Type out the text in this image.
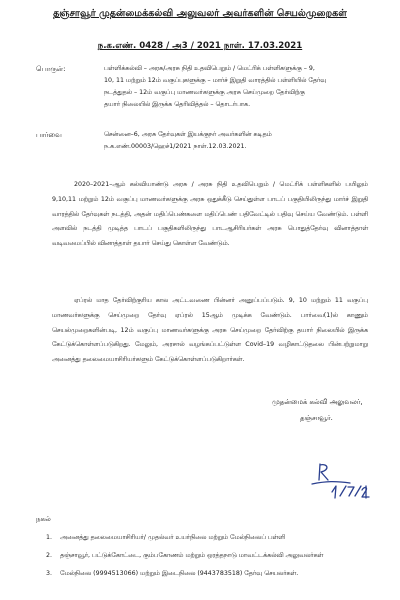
தஞ்சாவூர் முதன்மைக்கல்வி அலுவலர் அவர்களின் செயல்முறைகள்
ந.க.எண். 0428 / அ3 / 2021 நாள். 17.03.2021
பொருள்:	பள்ளிக்கல்வி – அரசு/அரசு நிதி உதவிபெறும் / மெட்ரிக் பள்ளிகளுக்கு – 9,
10, 11 மற்றும் 12ம் வகுப்புகளுக்கு – மார்ச் இறுதி வாரத்தில் பள்ளியில் தேர்வு
நடத்துதல் – 12ம் வகுப்பு மாணவர்களுக்கு அரசு செய்முறை தேர்விற்கு
தயார் நிலையில் இருக்க தெரிவித்தல் – தொடர்பாக.
பார்வை	சென்னை–6, அரசு தேர்வுகள் இயக்குநர் அவர்களின் கடிதம்
ந.க.எண்.00003/ஹெச்1/2021 நாள்.12.03.2021.
2020–2021–ஆம் கல்வியாண்டு அரசு / அரசு நிதி உதவிபெறும் / மெட்ரிக் பள்ளிகளில் பயிலும் 9,10,11 மற்றும் 12ம் வகுப்பு மாணவர்களுக்கு அரசு ஒதுக்கீடு செய்துள்ள பாடப் பகுதியிலிருந்து மார்ச் இறுதி வாரத்தில் தேர்வுகள் நடத்தி, அதன் மதிப்பெண்களை மதிப்பெண் பதிவேட்டில் பதிவு செய்ய வேண்டும். பள்ளி அளவில் நடத்தி முடித்த பாடப் பகுதிகளிலிருந்து பாடஆசிரியர்கள் அரசு பொதுத்தேர்வு வினாத்தாள் வடிவமைப்பில் வினாத்தாள் தயார் செய்து கொள்ள வேண்டும்.
ஏப்ரல் மாத தேர்விற்குரிய கால அட்டவணை பின்னர் அனுப்பப்படும். 9, 10 மற்றும் 11 வகுப்பு மாணவர்களுக்கு செய்முறை தேர்வு ஏப்ரல் 15ஆம் முடிக்க வேண்டும். பார்வை(1)ல் காணும் செயல்முறைகளின்படி, 12ம் வகுப்பு மாணவர்களுக்கு அரசு செய்முறை தேர்விற்கு தயார் நிலையில் இருக்க கேட்டுக்கொள்ளப்படுகிறது. மேலும், அரசால் வழங்கப்பட்டுள்ள Covid–19 வழிகாட்டுதலை பின்பற்றுமாறு அனைத்து தலைமையாசிரியர்களும் கேட்டுக்கொள்ளப்படுகிறார்கள்.
முதன்மைக் கல்வி அலுவலர்,
தஞ்சாவூர்.
நகல்
1.	அனைத்து தலைமையாசிரியர்/ முதல்வர் உயர்நிலை மற்றும் மேல்நிலைப் பள்ளி
2.	தஞ்சாவூர், பட்டுக்கோட்டை, கும்பகோணம் மற்றும் ஒரத்தநாடு மாவட்டக்கல்வி அலுவலர்கள்
3.	மேல்நிலை (9994513066) மற்றும் இடைநிலை (9443783518) தேர்வு செயலர்கள்.
